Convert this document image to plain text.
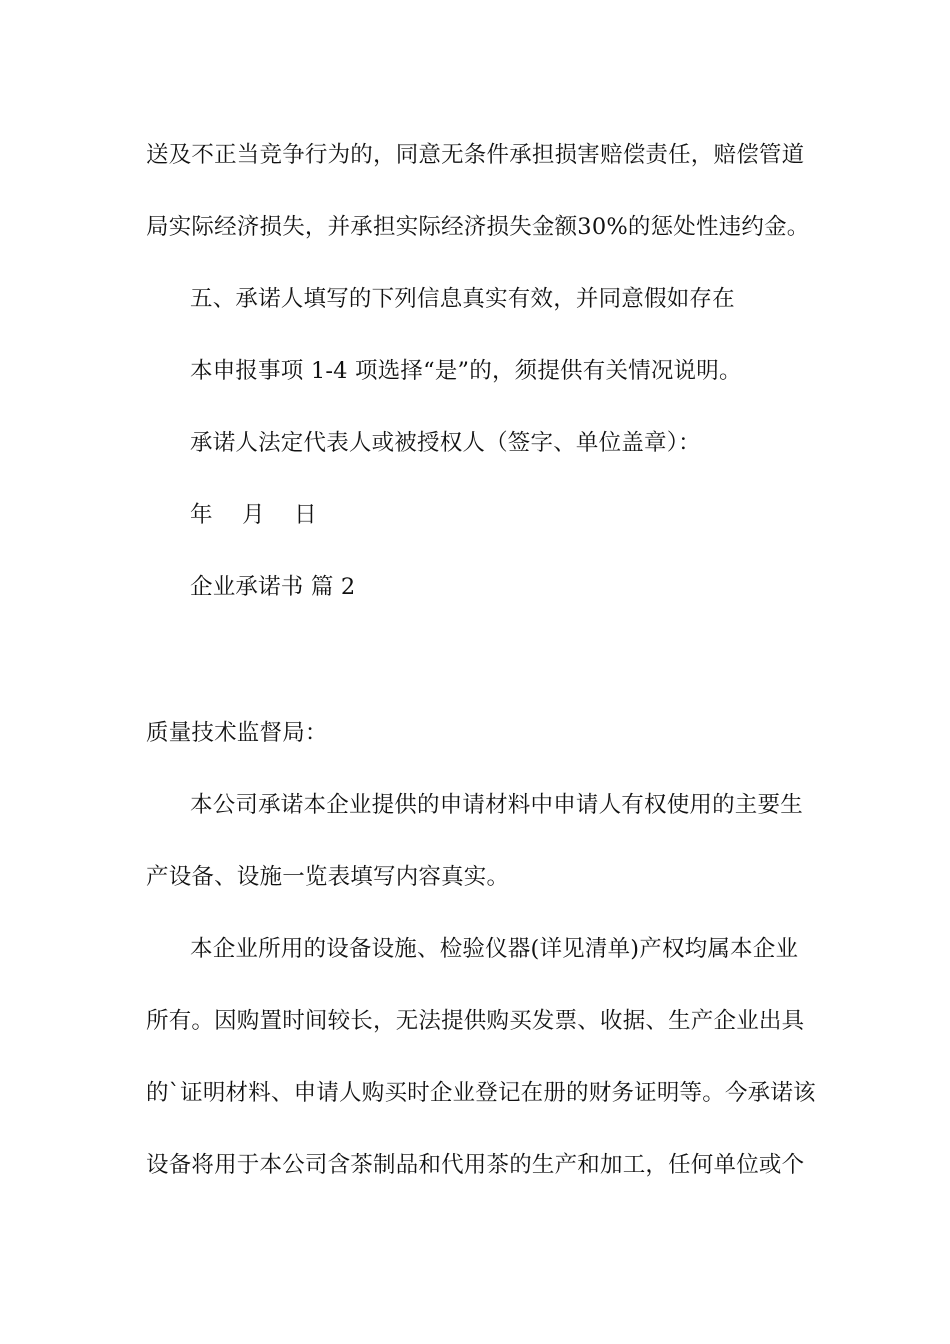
送及不正当竞争行为的，同意无条件承担损害赔偿责任，赔偿管道
局实际经济损失，并承担实际经济损失金额30%的惩处性违约金。
五、承诺人填写的下列信息真实有效，并同意假如存在
本申报事项 1-4 项选择“是”的，须提供有关情况说明。
承诺人法定代表人或被授权人（签字、单位盖章）：
年 月 日
企业承诺书 篇 2
质量技术监督局：
本公司承诺本企业提供的申请材料中申请人有权使用的主要生
产设备、设施一览表填写内容真实。
本企业所用的设备设施、检验仪器(详见清单)产权均属本企业
所有。因购置时间较长，无法提供购买发票、收据、生产企业出具
的`证明材料、申请人购买时企业登记在册的财务证明等。今承诺该
设备将用于本公司含茶制品和代用茶的生产和加工，任何单位或个
